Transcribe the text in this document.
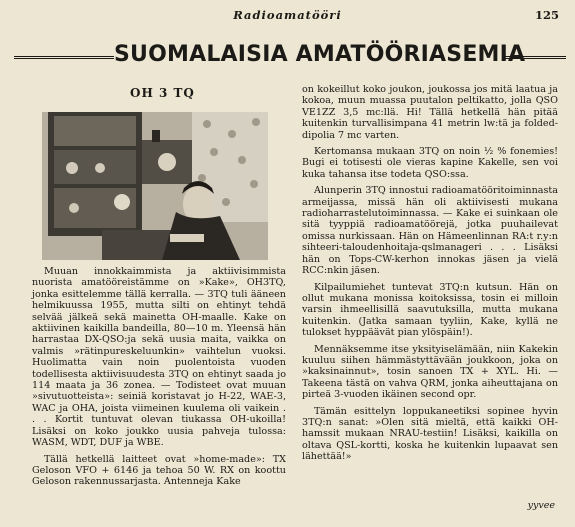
Radioamatööri	125
SUOMALAISIA AMATÖÖRIASEMIA
OH 3 TQ

Muuan innokkaimmista ja aktiivisimmista nuorista amatööreistämme on »Kake», OH3TQ, jonka esittelemme tällä kerralla. — 3TQ tuli ääneen helmikuussa 1955, mutta silti on ehtinyt tehdä selvää jälkeä sekä mainetta OH-maalle. Kake on aktiivinen kaikilla bandeilla, 80—10 m. Yleensä hän harrastaa DX-QSO:ja sekä uusia maita, vaikka on valmis »rätinpureskeluunkin» vaihtelun vuoksi. Huolimatta vain noin puolentoista vuoden todellisesta aktiivisuudesta 3TQ on ehtinyt saada jo 114 maata ja 36 zonea. — Todisteet ovat muuan »sivutuotteista»: seiniä koristavat jo H-22, WAE-3, WAC ja OHA, joista viimeinen kuulema oli vaikein . . . Kortit tuntuvat olevan tiukassa OH-ukoilla! Lisäksi on koko joukko uusia pahveja tulossa: WASM, WDT, DUF ja WBE.

Tällä hetkellä laitteet ovat »home-made»: TX Geloson VFO + 6146 ja tehoa 50 W. RX on koottu Geloson rakennussarjasta. Antenneja Kake

on kokeillut koko joukon, joukossa jos mitä laatua ja kokoa, muun muassa puutalon peltikatto, jolla QSO VE1ZZ 3,5 mc:llä. Hi! Tällä hetkellä hän pitää kuitenkin turvallisimpana 41 metrin lw:tä ja folded-dipolia 7 mc varten.

Kertomansa mukaan 3TQ on noin ½ % fonemies! Bugi ei totisesti ole vieras kapine Kakelle, sen voi kuka tahansa itse todeta QSO:ssa.

Alunperin 3TQ innostui radioamatööritoiminnasta armeijassa, missä hän oli aktiivisesti mukana radioharrastelutoiminnassa. — Kake ei suinkaan ole sitä tyyppiä radioamatöörejä, jotka puuhailevat omissa nurkissaan. Hän on Hämeenlinnan RA:t r.y:n sihteeri-taloudenhoitaja-qslmanageri . . . Lisäksi hän on Tops-CW-kerhon innokas jäsen ja vielä RCC:nkin jäsen.

Kilpailumiehet tuntevat 3TQ:n kutsun. Hän on ollut mukana monissa koitoksissa, tosin ei milloin varsin ihmeellisillä saavutuksilla, mutta mukana kuitenkin. (Jatka samaan tyyliin, Kake, kyllä ne tulokset hyppäävät pian ylöspäin!).

Mennäksemme itse yksityiselämään, niin Kakekin kuuluu siihen hämmästyttävään joukkoon, joka on »kaksinainnut», tosin sanoen TX + XYL. Hi. — Takeena tästä on vahva QRM, jonka aiheuttajana on pirteä 3-vuoden ikäinen second opr.

Tämän esittelyn loppukaneetiksi sopinee hyvin 3TQ:n sanat: »Olen sitä mieltä, että kaikki OH-hamssit mukaan NRAU-testiin! Lisäksi, kaikilla on oltava QSL-kortti, koska he kuitenkin lupaavat sen lähettää!»

yyvee
